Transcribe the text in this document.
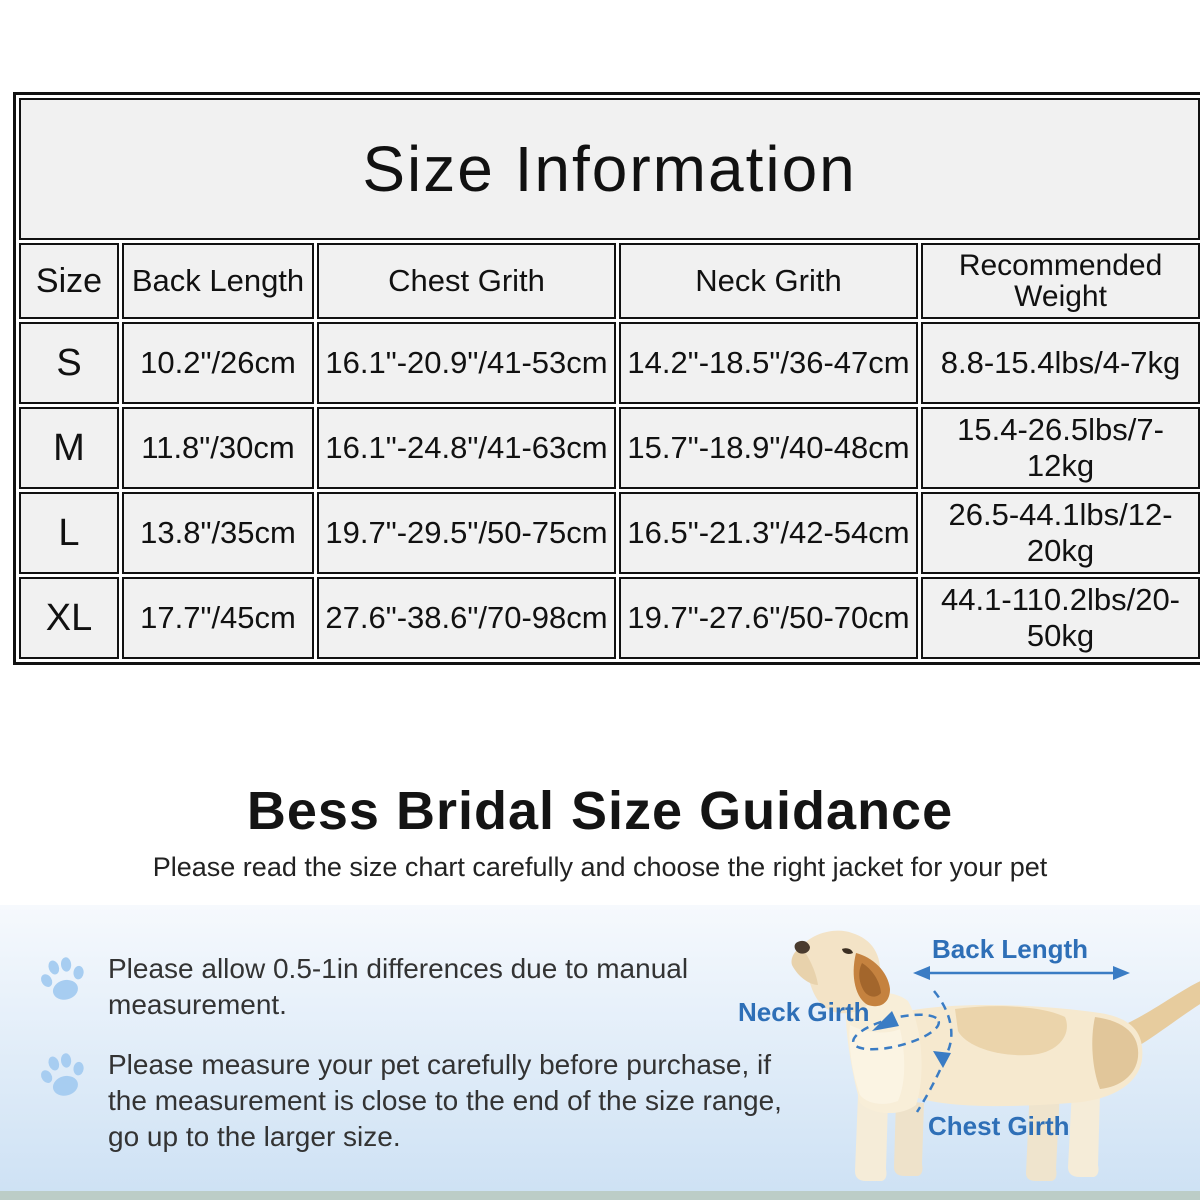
Size Information				
Size	Back Length	Chest Grith	Neck Grith	Recommended Weight
S	10.2"/26cm	16.1"-20.9"/41-53cm	14.2"-18.5"/36-47cm	8.8-15.4lbs/4-7kg
M	11.8"/30cm	16.1"-24.8"/41-63cm	15.7"-18.9"/40-48cm	15.4-26.5lbs/7-12kg
L	13.8"/35cm	19.7"-29.5"/50-75cm	16.5"-21.3"/42-54cm	26.5-44.1lbs/12-20kg
XL	17.7"/45cm	27.6"-38.6"/70-98cm	19.7"-27.6"/50-70cm	44.1-110.2lbs/20-50kg
Bess Bridal Size Guidance
Please read the size chart carefully and choose the right jacket for your pet

Please allow 0.5-1in differences due to manual measurement.

Please measure your pet carefully before purchase, if the measurement is close to the end of the size range, go up to the larger size.

Back Length
Neck Girth
Chest Girth
